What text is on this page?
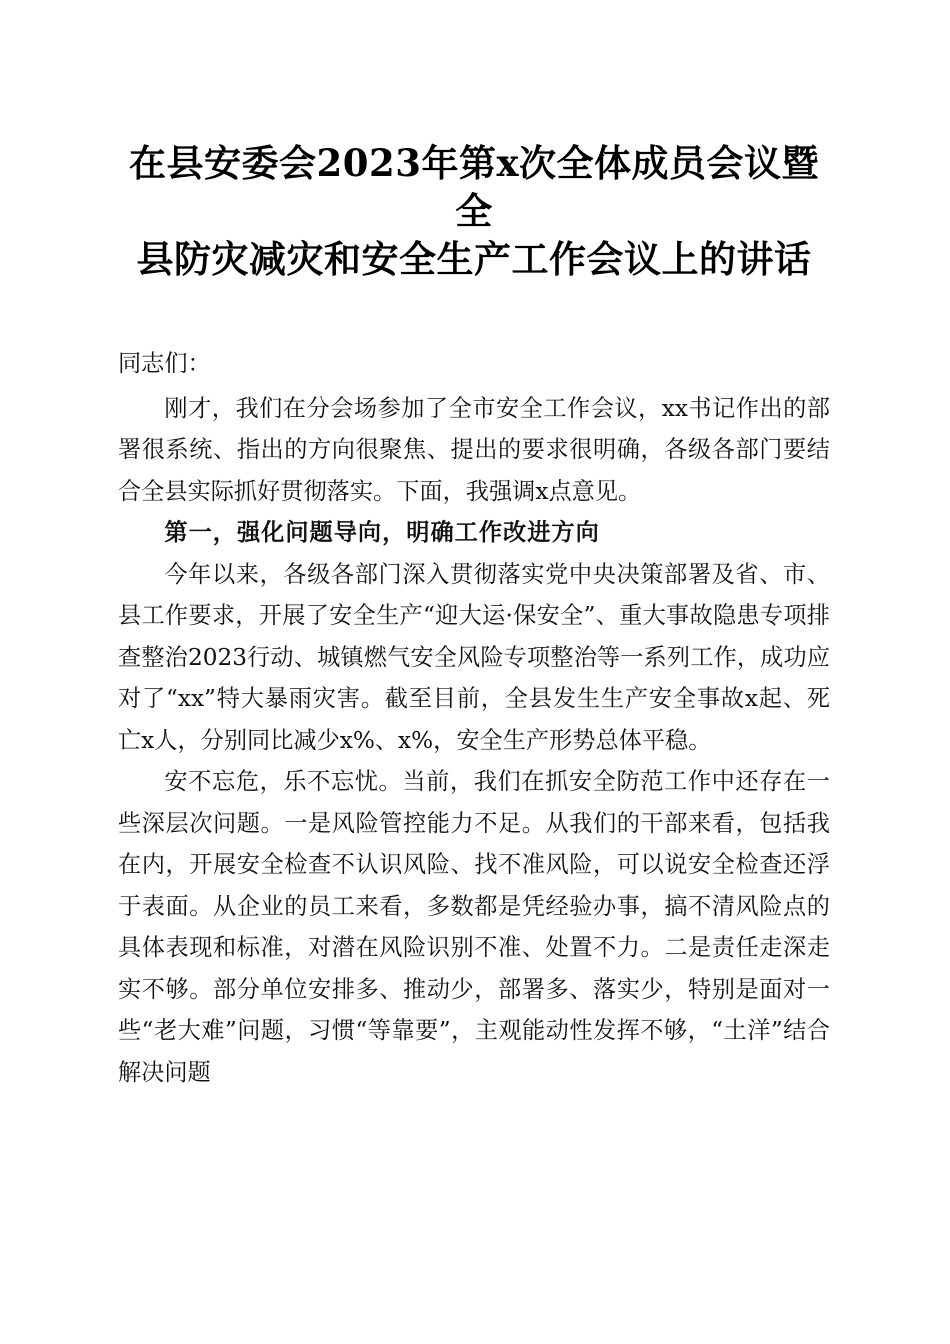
在县安委会2023年第x次全体成员会议暨全
县防灾减灾和安全生产工作会议上的讲话

同志们：

刚才，我们在分会场参加了全市安全工作会议，xx书记作出的部署很系统、指出的方向很聚焦、提出的要求很明确，各级各部门要结合全县实际抓好贯彻落实。下面，我强调x点意见。

第一，强化问题导向，明确工作改进方向

今年以来，各级各部门深入贯彻落实党中央决策部署及省、市、县工作要求，开展了安全生产“迎大运·保安全”、重大事故隐患专项排查整治2023行动、城镇燃气安全风险专项整治等一系列工作，成功应对了“xx”特大暴雨灾害。截至目前，全县发生生产安全事故x起、死亡x人，分别同比减少x%、x%，安全生产形势总体平稳。

安不忘危，乐不忘忧。当前，我们在抓安全防范工作中还存在一些深层次问题。一是风险管控能力不足。从我们的干部来看，包括我在内，开展安全检查不认识风险、找不准风险，可以说安全检查还浮于表面。从企业的员工来看，多数都是凭经验办事，搞不清风险点的具体表现和标准，对潜在风险识别不准、处置不力。二是责任走深走实不够。部分单位安排多、推动少，部署多、落实少，特别是面对一些“老大难”问题，习惯“等靠要”，主观能动性发挥不够，“土洋”结合解决问题
